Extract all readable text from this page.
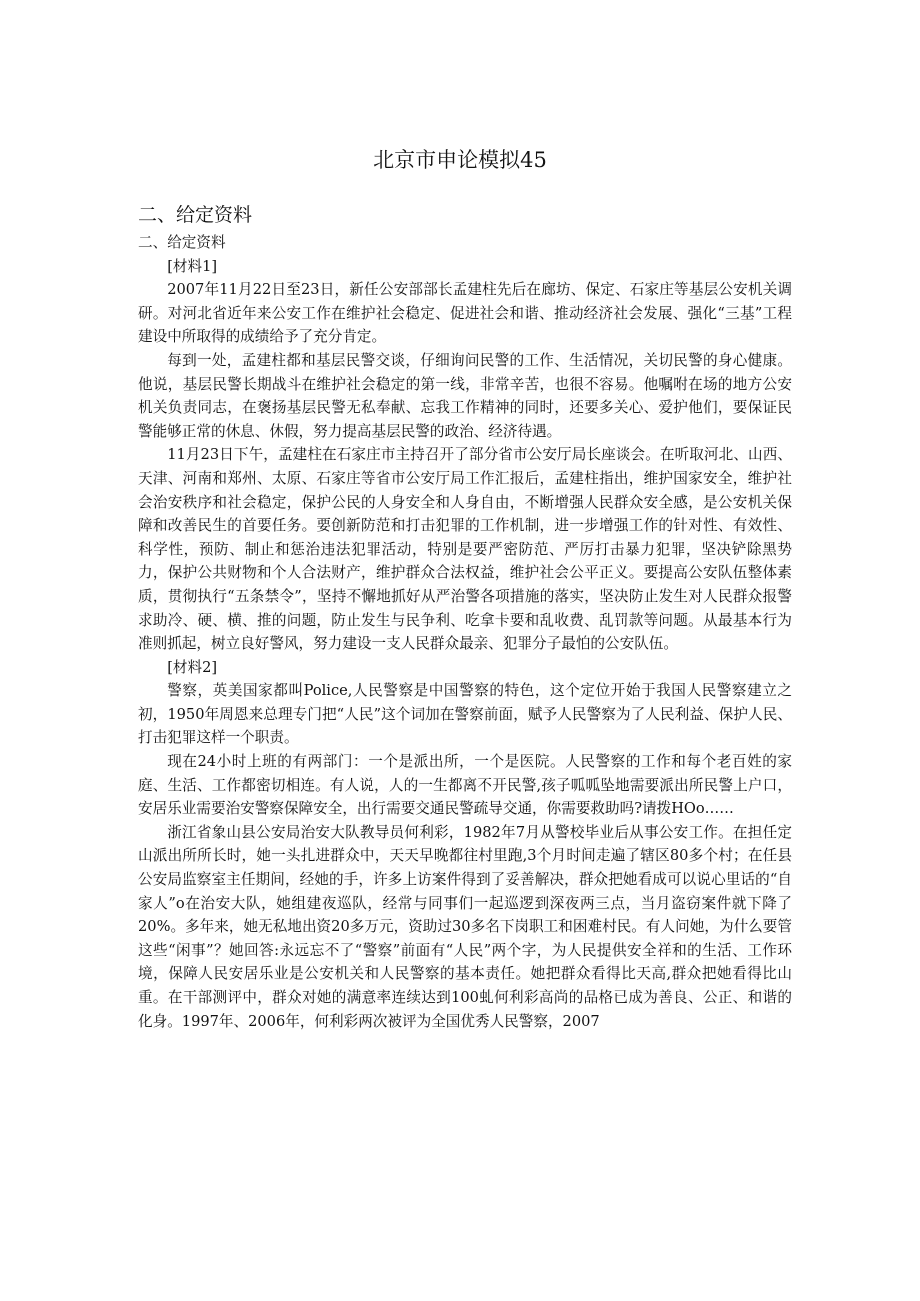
北京市申论模拟45
二、给定资料

二、给定资料

[材料1]

2007年11月22日至23日，新任公安部部长孟建柱先后在廊坊、保定、石家庄等基层公安机关调研。对河北省近年来公安工作在维护社会稳定、促进社会和谐、推动经济社会发展、强化“三基”工程建设中所取得的成绩给予了充分肯定。

每到一处，孟建柱都和基层民警交谈，仔细询问民警的工作、生活情况，关切民警的身心健康。他说，基层民警长期战斗在维护社会稳定的第一线，非常辛苦，也很不容易。他嘱咐在场的地方公安机关负责同志，在褒扬基层民警无私奉献、忘我工作精神的同时，还要多关心、爱护他们，要保证民警能够正常的休息、休假，努力提高基层民警的政治、经济待遇。

11月23日下午，孟建柱在石家庄市主持召开了部分省市公安厅局长座谈会。在听取河北、山西、天津、河南和郑州、太原、石家庄等省市公安厅局工作汇报后，孟建柱指出，维护国家安全，维护社会治安秩序和社会稳定，保护公民的人身安全和人身自由，不断增强人民群众安全感，是公安机关保障和改善民生的首要任务。要创新防范和打击犯罪的工作机制，进一步增强工作的针对性、有效性、科学性，预防、制止和惩治违法犯罪活动，特别是要严密防范、严厉打击暴力犯罪，坚决铲除黑势力，保护公共财物和个人合法财产，维护群众合法权益，维护社会公平正义。要提高公安队伍整体素质，贯彻执行“五条禁令”，坚持不懈地抓好从严治警各项措施的落实，坚决防止发生对人民群众报警求助冷、硬、横、推的问题，防止发生与民争利、吃拿卡要和乱收费、乱罚款等问题。从最基本行为准则抓起，树立良好警风，努力建设一支人民群众最亲、犯罪分子最怕的公安队伍。

[材料2]

警察，英美国家都叫Police,人民警察是中国警察的特色，这个定位开始于我国人民警察建立之初，1950年周恩来总理专门把“人民”这个词加在警察前面，赋予人民警察为了人民利益、保护人民、打击犯罪这样一个职责。

现在24小时上班的有两部门：一个是派出所，一个是医院。人民警察的工作和每个老百姓的家庭、生活、工作都密切相连。有人说，人的一生都离不开民警,孩子呱呱坠地需要派出所民警上户口，安居乐业需要治安警察保障安全，出行需要交通民警疏导交通，你需要救助吗?请拨HOo……

浙江省象山县公安局治安大队教导员何利彩，1982年7月从警校毕业后从事公安工作。在担任定山派出所所长时，她一头扎进群众中，天天早晚都往村里跑,3个月时间走遍了辖区80多个村；在任县公安局监察室主任期间，经她的手，许多上访案件得到了妥善解决，群众把她看成可以说心里话的“自家人”o在治安大队，她组建夜巡队，经常与同事们一起巡逻到深夜两三点，当月盗窃案件就下降了20%。多年来，她无私地出资20多万元，资助过30多名下岗职工和困难村民。有人问她，为什么要管这些“闲事”？她回答:永远忘不了“警察”前面有“人民”两个字，为人民提供安全祥和的生活、工作环境，保障人民安居乐业是公安机关和人民警察的基本责任。她把群众看得比天高,群众把她看得比山重。在干部测评中，群众对她的满意率连续达到100虬何利彩高尚的品格已成为善良、公正、和谐的化身。1997年、2006年，何利彩两次被评为全国优秀人民警察，2007
